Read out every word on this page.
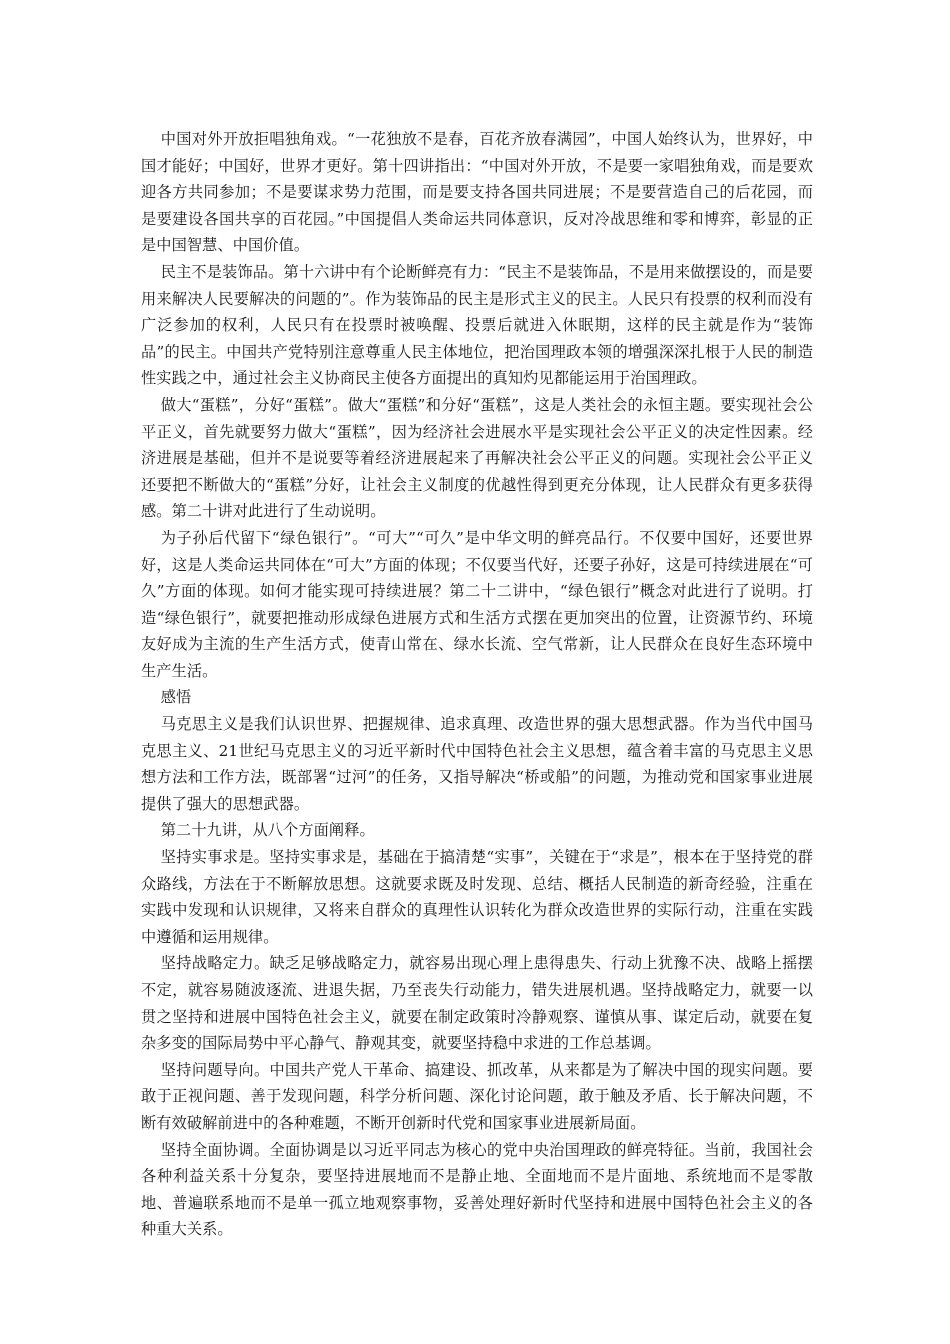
中国对外开放拒唱独角戏。“一花独放不是春，百花齐放春满园”，中国人始终认为，世界好，中国才能好；中国好，世界才更好。第十四讲指出：“中国对外开放，不是要一家唱独角戏，而是要欢迎各方共同参加；不是要谋求势力范围，而是要支持各国共同进展；不是要营造自己的后花园，而是要建设各国共享的百花园。”中国提倡人类命运共同体意识，反对冷战思维和零和博弈，彰显的正是中国智慧、中国价值。

民主不是装饰品。第十六讲中有个论断鲜亮有力：“民主不是装饰品，不是用来做摆设的，而是要用来解决人民要解决的问题的”。作为装饰品的民主是形式主义的民主。人民只有投票的权利而没有广泛参加的权利，人民只有在投票时被唤醒、投票后就进入休眠期，这样的民主就是作为“装饰品”的民主。中国共产党特别注意尊重人民主体地位，把治国理政本领的增强深深扎根于人民的制造性实践之中，通过社会主义协商民主使各方面提出的真知灼见都能运用于治国理政。

做大“蛋糕”，分好“蛋糕”。做大“蛋糕”和分好“蛋糕”，这是人类社会的永恒主题。要实现社会公平正义，首先就要努力做大“蛋糕”，因为经济社会进展水平是实现社会公平正义的决定性因素。经济进展是基础，但并不是说要等着经济进展起来了再解决社会公平正义的问题。实现社会公平正义还要把不断做大的“蛋糕”分好，让社会主义制度的优越性得到更充分体现，让人民群众有更多获得感。第二十讲对此进行了生动说明。

为子孙后代留下“绿色银行”。“可大”“可久”是中华文明的鲜亮品行。不仅要中国好，还要世界好，这是人类命运共同体在“可大”方面的体现；不仅要当代好，还要子孙好，这是可持续进展在“可久”方面的体现。如何才能实现可持续进展？第二十二讲中，“绿色银行”概念对此进行了说明。打造“绿色银行”，就要把推动形成绿色进展方式和生活方式摆在更加突出的位置，让资源节约、环境友好成为主流的生产生活方式，使青山常在、绿水长流、空气常新，让人民群众在良好生态环境中生产生活。

感悟

马克思主义是我们认识世界、把握规律、追求真理、改造世界的强大思想武器。作为当代中国马克思主义、21世纪马克思主义的习近平新时代中国特色社会主义思想，蕴含着丰富的马克思主义思想方法和工作方法，既部署“过河”的任务，又指导解决“桥或船”的问题，为推动党和国家事业进展提供了强大的思想武器。

第二十九讲，从八个方面阐释。

坚持实事求是。坚持实事求是，基础在于搞清楚“实事”，关键在于“求是”，根本在于坚持党的群众路线，方法在于不断解放思想。这就要求既及时发现、总结、概括人民制造的新奇经验，注重在实践中发现和认识规律，又将来自群众的真理性认识转化为群众改造世界的实际行动，注重在实践中遵循和运用规律。

坚持战略定力。缺乏足够战略定力，就容易出现心理上患得患失、行动上犹豫不决、战略上摇摆不定，就容易随波逐流、进退失据，乃至丧失行动能力，错失进展机遇。坚持战略定力，就要一以贯之坚持和进展中国特色社会主义，就要在制定政策时冷静观察、谨慎从事、谋定后动，就要在复杂多变的国际局势中平心静气、静观其变，就要坚持稳中求进的工作总基调。

坚持问题导向。中国共产党人干革命、搞建设、抓改革，从来都是为了解决中国的现实问题。要敢于正视问题、善于发现问题，科学分析问题、深化讨论问题，敢于触及矛盾、长于解决问题，不断有效破解前进中的各种难题，不断开创新时代党和国家事业进展新局面。

坚持全面协调。全面协调是以习近平同志为核心的党中央治国理政的鲜亮特征。当前，我国社会各种利益关系十分复杂，要坚持进展地而不是静止地、全面地而不是片面地、系统地而不是零散地、普遍联系地而不是单一孤立地观察事物，妥善处理好新时代坚持和进展中国特色社会主义的各种重大关系。
